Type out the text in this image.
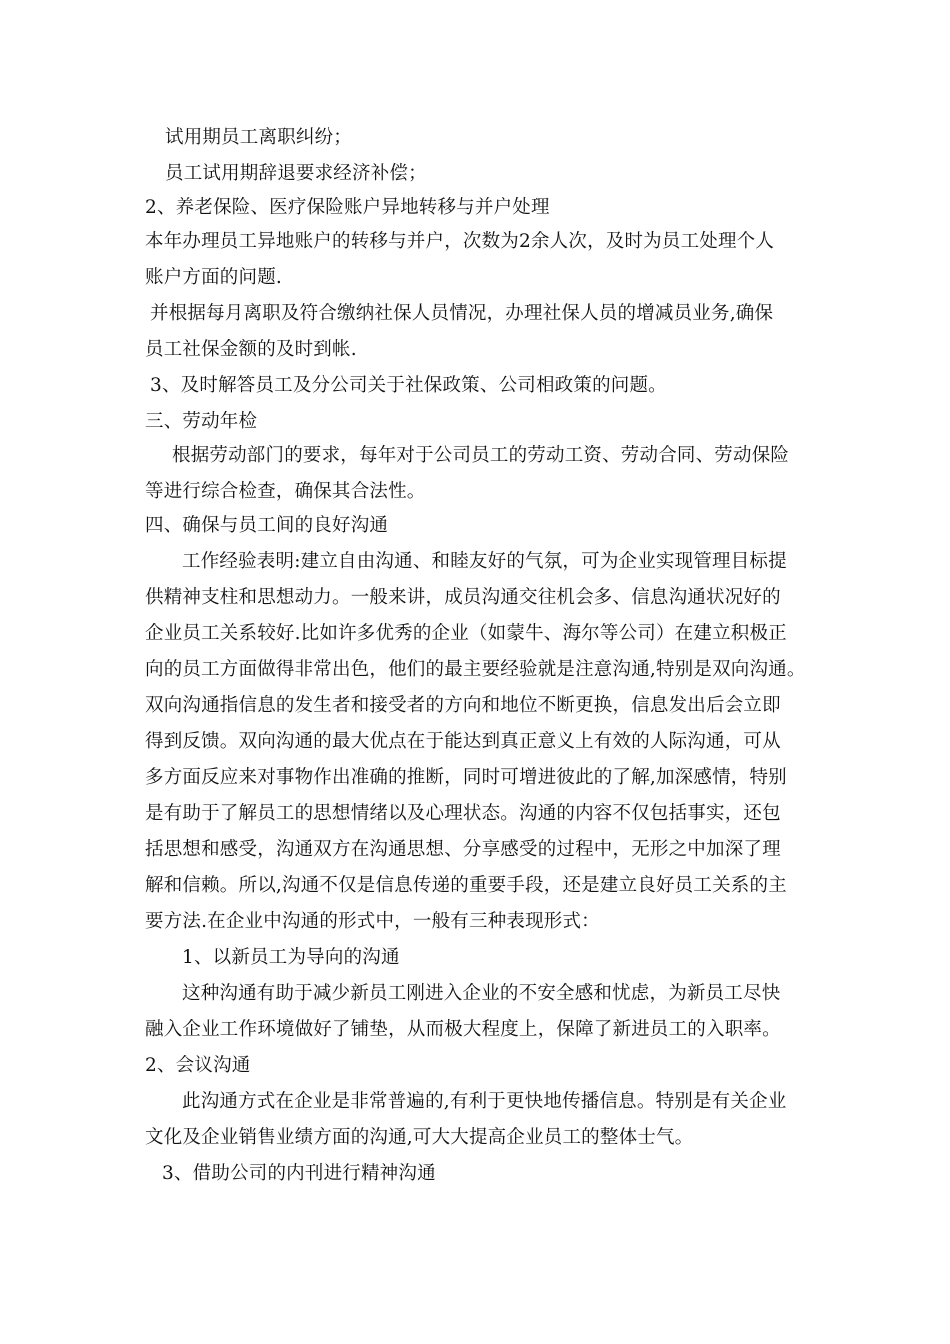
试用期员工离职纠纷；
员工试用期辞退要求经济补偿；
2、养老保险、医疗保险账户异地转移与并户处理
本年办理员工异地账户的转移与并户，次数为2余人次，及时为员工处理个人
账户方面的问题.
并根据每月离职及符合缴纳社保人员情况，办理社保人员的增减员业务,确保
员工社保金额的及时到帐.
3、及时解答员工及分公司关于社保政策、公司相政策的问题。
三、劳动年检
根据劳动部门的要求，每年对于公司员工的劳动工资、劳动合同、劳动保险
等进行综合检查，确保其合法性。
四、确保与员工间的良好沟通
工作经验表明:建立自由沟通、和睦友好的气氛，可为企业实现管理目标提
供精神支柱和思想动力。一般来讲，成员沟通交往机会多、信息沟通状况好的
企业员工关系较好.比如许多优秀的企业（如蒙牛、海尔等公司）在建立积极正
向的员工方面做得非常出色，他们的最主要经验就是注意沟通,特别是双向沟通。
双向沟通指信息的发生者和接受者的方向和地位不断更换，信息发出后会立即
得到反馈。双向沟通的最大优点在于能达到真正意义上有效的人际沟通，可从
多方面反应来对事物作出准确的推断，同时可增进彼此的了解,加深感情，特别
是有助于了解员工的思想情绪以及心理状态。沟通的内容不仅包括事实，还包
括思想和感受，沟通双方在沟通思想、分享感受的过程中，无形之中加深了理
解和信赖。所以,沟通不仅是信息传递的重要手段，还是建立良好员工关系的主
要方法.在企业中沟通的形式中，一般有三种表现形式：
1、以新员工为导向的沟通
这种沟通有助于减少新员工刚进入企业的不安全感和忧虑，为新员工尽快
融入企业工作环境做好了铺垫，从而极大程度上，保障了新进员工的入职率。
2、会议沟通
此沟通方式在企业是非常普遍的,有利于更快地传播信息。特别是有关企业
文化及企业销售业绩方面的沟通,可大大提高企业员工的整体士气。
3、借助公司的内刊进行精神沟通
